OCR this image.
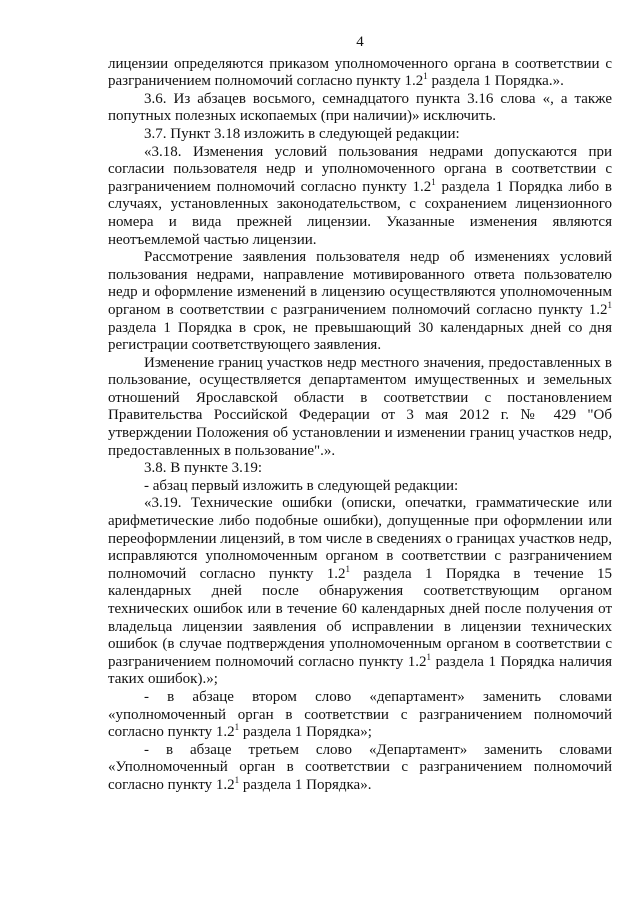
4

лицензии определяются приказом уполномоченного органа в соответствии с разграничением полномочий согласно пункту $1.2^1$ раздела 1 Порядка.».

3.6. Из абзацев восьмого, семнадцатого пункта 3.16 слова «, а также попутных полезных ископаемых (при наличии)» исключить.

3.7. Пункт 3.18 изложить в следующей редакции:

«3.18. Изменения условий пользования недрами допускаются при согласии пользователя недр и уполномоченного органа в соответствии с разграничением полномочий согласно пункту $1.2^1$ раздела 1 Порядка либо в случаях, установленных законодательством, с сохранением лицензионного номера и вида прежней лицензии. Указанные изменения являются неотъемлемой частью лицензии.

Рассмотрение заявления пользователя недр об изменениях условий пользования недрами, направление мотивированного ответа пользователю недр и оформление изменений в лицензию осуществляются уполномоченным органом в соответствии с разграничением полномочий согласно пункту $1.2^1$ раздела 1 Порядка в срок, не превышающий 30 календарных дней со дня регистрации соответствующего заявления.

Изменение границ участков недр местного значения, предоставленных в пользование, осуществляется департаментом имущественных и земельных отношений Ярославской области в соответствии с постановлением Правительства Российской Федерации от 3 мая 2012 г. № 429 "Об утверждении Положения об установлении и изменении границ участков недр, предоставленных в пользование".».

3.8. В пункте 3.19:

- абзац первый изложить в следующей редакции:

«3.19. Технические ошибки (описки, опечатки, грамматические или арифметические либо подобные ошибки), допущенные при оформлении или переоформлении лицензий, в том числе в сведениях о границах участков недр, исправляются уполномоченным органом в соответствии с разграничением полномочий согласно пункту $1.2^1$ раздела 1 Порядка в течение 15 календарных дней после обнаружения соответствующим органом технических ошибок или в течение 60 календарных дней после получения от владельца лицензии заявления об исправлении в лицензии технических ошибок (в случае подтверждения уполномоченным органом в соответствии с разграничением полномочий согласно пункту $1.2^1$ раздела 1 Порядка наличия таких ошибок).»;

- в абзаце втором слово «департамент» заменить словами «уполномоченный орган в соответствии с разграничением полномочий согласно пункту $1.2^1$ раздела 1 Порядка»;

- в абзаце третьем слово «Департамент» заменить словами «Уполномоченный орган в соответствии с разграничением полномочий согласно пункту $1.2^1$ раздела 1 Порядка».
